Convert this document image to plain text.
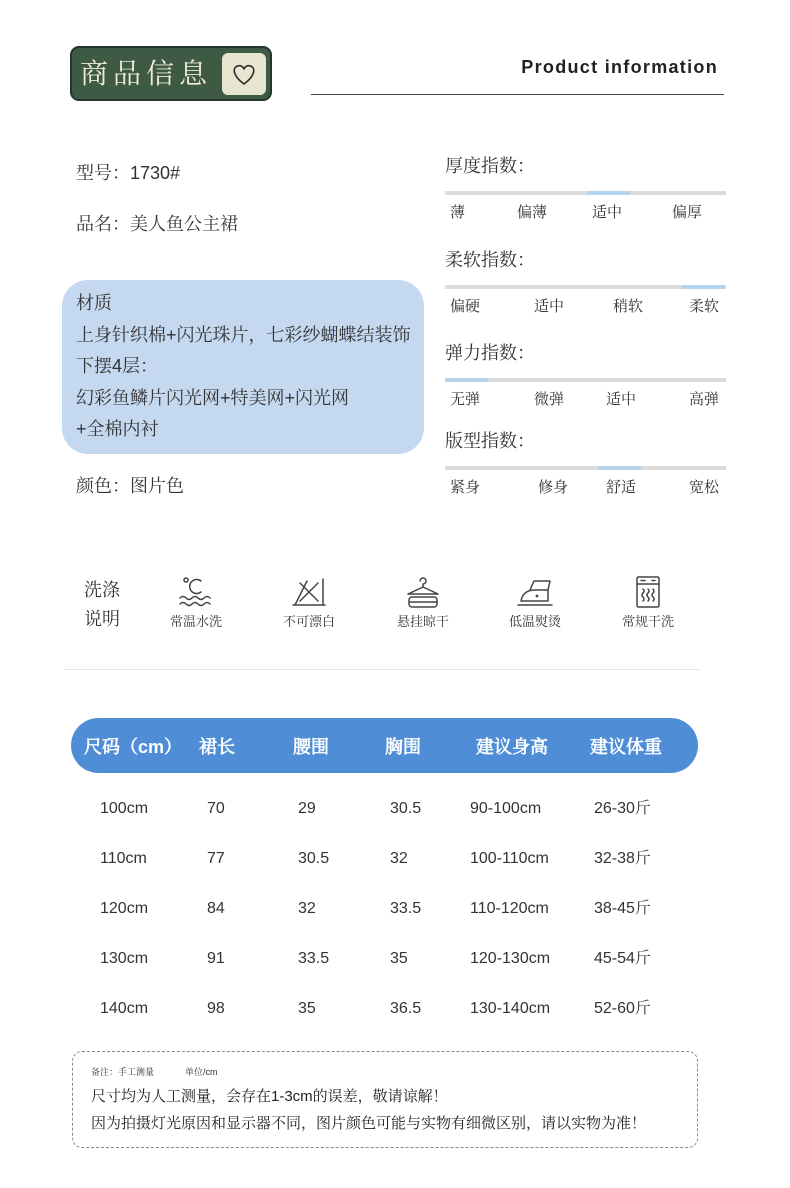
商品信息	Product information
型号：1730#
品名：美人鱼公主裙
材质
上身针织棉+闪光珠片，七彩纱蝴蝶结装饰
下摆4层：
幻彩鱼鳞片闪光网+特美网+闪光网
+全棉内衬
颜色：图片色
厚度指数：
薄	偏薄	适中	偏厚
柔软指数：
偏硬	适中	稍软	柔软
弹力指数：
无弹	微弹	适中	高弹
版型指数：
紧身	修身	舒适	宽松
洗涤
说明	常温水洗	不可漂白	悬挂晾干	低温熨烫	常规干洗
尺码（cm） 裙长	腰围	胸围	建议身高 建议体重
100cm	70	29	30.5	90-100cm	26-30斤
110cm	77	30.5	32	100-110cm	32-38斤
120cm	84	32	33.5	110-120cm	38-45斤
130cm	91	33.5	35	120-130cm	45-54斤
140cm	98	35	36.5	130-140cm	52-60斤
备注：手工测量	单位/cm
尺寸均为人工测量，会存在1-3cm的误差，敬请谅解！
因为拍摄灯光原因和显示器不同，图片颜色可能与实物有细微区别，请以实物为准！
